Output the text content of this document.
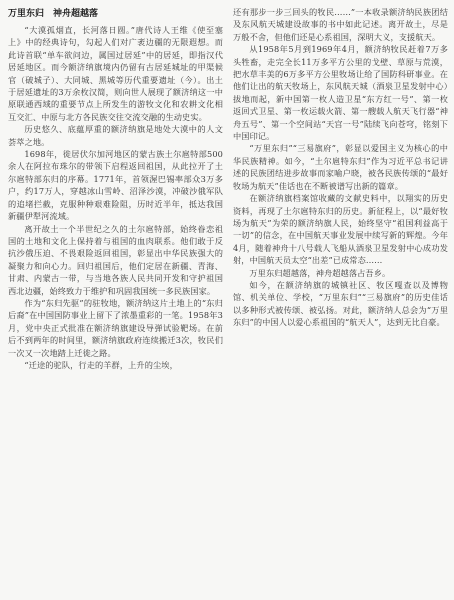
万里东归　神舟超越落

“大漠孤烟直，长河落日圆。”唐代诗人王维《使至塞上》中的经典诗句，勾起人们对广袤边疆的无限遐想。而此诗首联“单车欲问边，属国过居延”中的居延，即指汉代居延地区。而今额济纳旗境内仍留有古居延城址的甲渠候官（破城子）、大同城、黑城等历代重要遗址（今）。出土于居延遗址的3万余枚汉简，则向世人展现了额济纳这一中原联通西域的重要节点上所发生的游牧文化和农耕文化相互交汇、中原与北方各民族交往交流交融的生动史实。

历史悠久、底蕴厚重的额济纳旗是地处大漠中的人文荟萃之地。

1698年，徙居伏尔加河地区的蒙古族土尔扈特部500余人在阿拉布珠尔的带领下启程返回祖国，从此拉开了土尔扈特部东归的序幕。1771年，首领渥巴锡率部众3万多户，约17万人，穿越冰山雪岭、沼泽沙漠，冲破沙俄军队的追堵拦截，克服种种艰难险阻，历时近半年，抵达我国新疆伊犁河流域。

离开故土一个半世纪之久的土尔扈特部，始终眷恋祖国的土地和文化上保持着与祖国的血肉联系。他们敢于反抗沙俄压迫、不畏艰险返回祖国，彰显出中华民族强大的凝聚力和向心力。回归祖国后，他们定居在新疆、青海、甘肃、内蒙古一带，与当地各族人民共同开发和守护祖国西北边疆，始终致力于维护和巩固我国统一多民族国家。

作为“东归先驱”的驻牧地，额济纳这片土地上的“东归后裔”在中国国防事业上留下了浓墨重彩的一笔。1958年3月，党中央正式批准在额济纳旗建设导弹试验靶场。在前后不到两年的时间里，额济纳旗政府连续搬迁3次，牧民们一次又一次地踏上迁徙之路。

“迁途的驼队，行走的羊群，上升的尘埃，

还有那步一步三回头的牧民……”一本收录额济纳民族团结及东风航天城建设故事的书中如此记述。离开故土，尽是万般不舍，但他们还是心系祖国，深明大义，支援航天。

从1958年5月到1969年4月，额济纳牧民赶着7万多头牲畜，走完全长11万多平方公里的戈壁、草原与荒漠，把水草丰美的6万多平方公里牧场让给了国防科研事业。在他们让出的航天牧场上，东风航天城（酒泉卫星发射中心）拔地而起，新中国第一枚人造卫星“东方红一号”、第一枚返回式卫星、第一枚运载火箭、第一艘载人航天飞行器“神舟五号”、第一个空间站“天宫一号”陆续飞向苍穹，铭刻下中国印记。

“万里东归”“三易旗府”，彰显以爱国主义为核心的中华民族精神。如今，“土尔扈特东归”作为习近平总书记讲述的民族团结进步故事而家喻户晓，被各民族传颂的“最好牧场为航天”佳话也在不断被谱写出新的篇章。

在额济纳旗档案馆收藏的文献史料中，以翔实的历史资料，再现了土尔扈特东归的历史。新征程上，以“最好牧场为航天”为荣的额济纳旗人民，始终坚守“祖国利益高于一切”的信念，在中国航天事业发展中续写新的辉煌。今年4月，随着神舟十八号载人飞船从酒泉卫星发射中心成功发射，中国航天员太空“出差”已成常态……

万里东归超越落，神舟超越落占吾乡。

如今，在额济纳旗的城镇社区、牧区嘎查以及博物馆、机关单位、学校，“万里东归”“三易旗府”的历史佳话以多种形式被传颂、被弘扬。对此，额济纳人总会为“万里东归”的中国人以爱心系祖国的“航天人”，达到无比自豪。
